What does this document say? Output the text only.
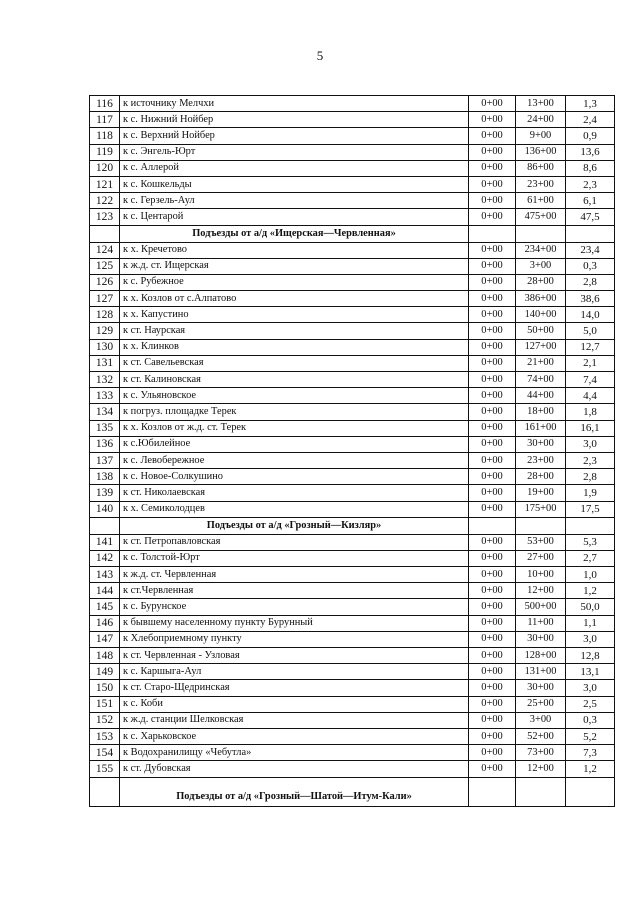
5
116	к источнику Мелчхи	0+00	13+00	1,3
117	к с. Нижний Нойбер	0+00	24+00	2,4
118	к с. Верхний Нойбер	0+00	9+00	0,9
119	к с. Энгель-Юрт	0+00	136+00	13,6
120	к с. Аллерой	0+00	86+00	8,6
121	к с. Кошкельды	0+00	23+00	2,3
122	к с. Герзель-Аул	0+00	61+00	6,1
123	к с. Центарой	0+00	475+00	47,5
	Подъезды от а/д «Ищерская—Червленная»			
124	к х. Кречетово	0+00	234+00	23,4
125	к ж.д. ст. Ищерская	0+00	3+00	0,3
126	к с. Рубежное	0+00	28+00	2,8
127	к х. Козлов от с.Алпатово	0+00	386+00	38,6
128	к х. Капустино	0+00	140+00	14,0
129	к ст. Наурская	0+00	50+00	5,0
130	к х. Клинков	0+00	127+00	12,7
131	к ст. Савельевская	0+00	21+00	2,1
132	к ст. Калиновская	0+00	74+00	7,4
133	к с. Ульяновское	0+00	44+00	4,4
134	к погруз. площадке Терек	0+00	18+00	1,8
135	к х. Козлов от ж.д. ст. Терек	0+00	161+00	16,1
136	к с.Юбилейное	0+00	30+00	3,0
137	к с. Левобережное	0+00	23+00	2,3
138	к с. Новое-Солкушино	0+00	28+00	2,8
139	к ст. Николаевская	0+00	19+00	1,9
140	к х. Семиколодцев	0+00	175+00	17,5
	Подъезды от а/д «Грозный—Кизляр»			
141	к ст. Петропавловская	0+00	53+00	5,3
142	к с. Толстой-Юрт	0+00	27+00	2,7
143	к ж.д. ст. Червленная	0+00	10+00	1,0
144	к ст.Червленная	0+00	12+00	1,2
145	к с. Бурунское	0+00	500+00	50,0
146	к бывшему населенному пункту Бурунный	0+00	11+00	1,1
147	к Хлебоприемному пункту	0+00	30+00	3,0
148	к ст. Червленная - Узловая	0+00	128+00	12,8
149	к с. Каршыга-Аул	0+00	131+00	13,1
150	к ст. Старо-Щедринская	0+00	30+00	3,0
151	к с. Коби	0+00	25+00	2,5
152	к ж.д. станции Шелковская	0+00	3+00	0,3
153	к с. Харьковское	0+00	52+00	5,2
154	к Водохранилищу «Чебутла»	0+00	73+00	7,3
155	к ст. Дубовская	0+00	12+00	1,2
	Подъезды от а/д «Грозный—Шатой—Итум-Кали»			
